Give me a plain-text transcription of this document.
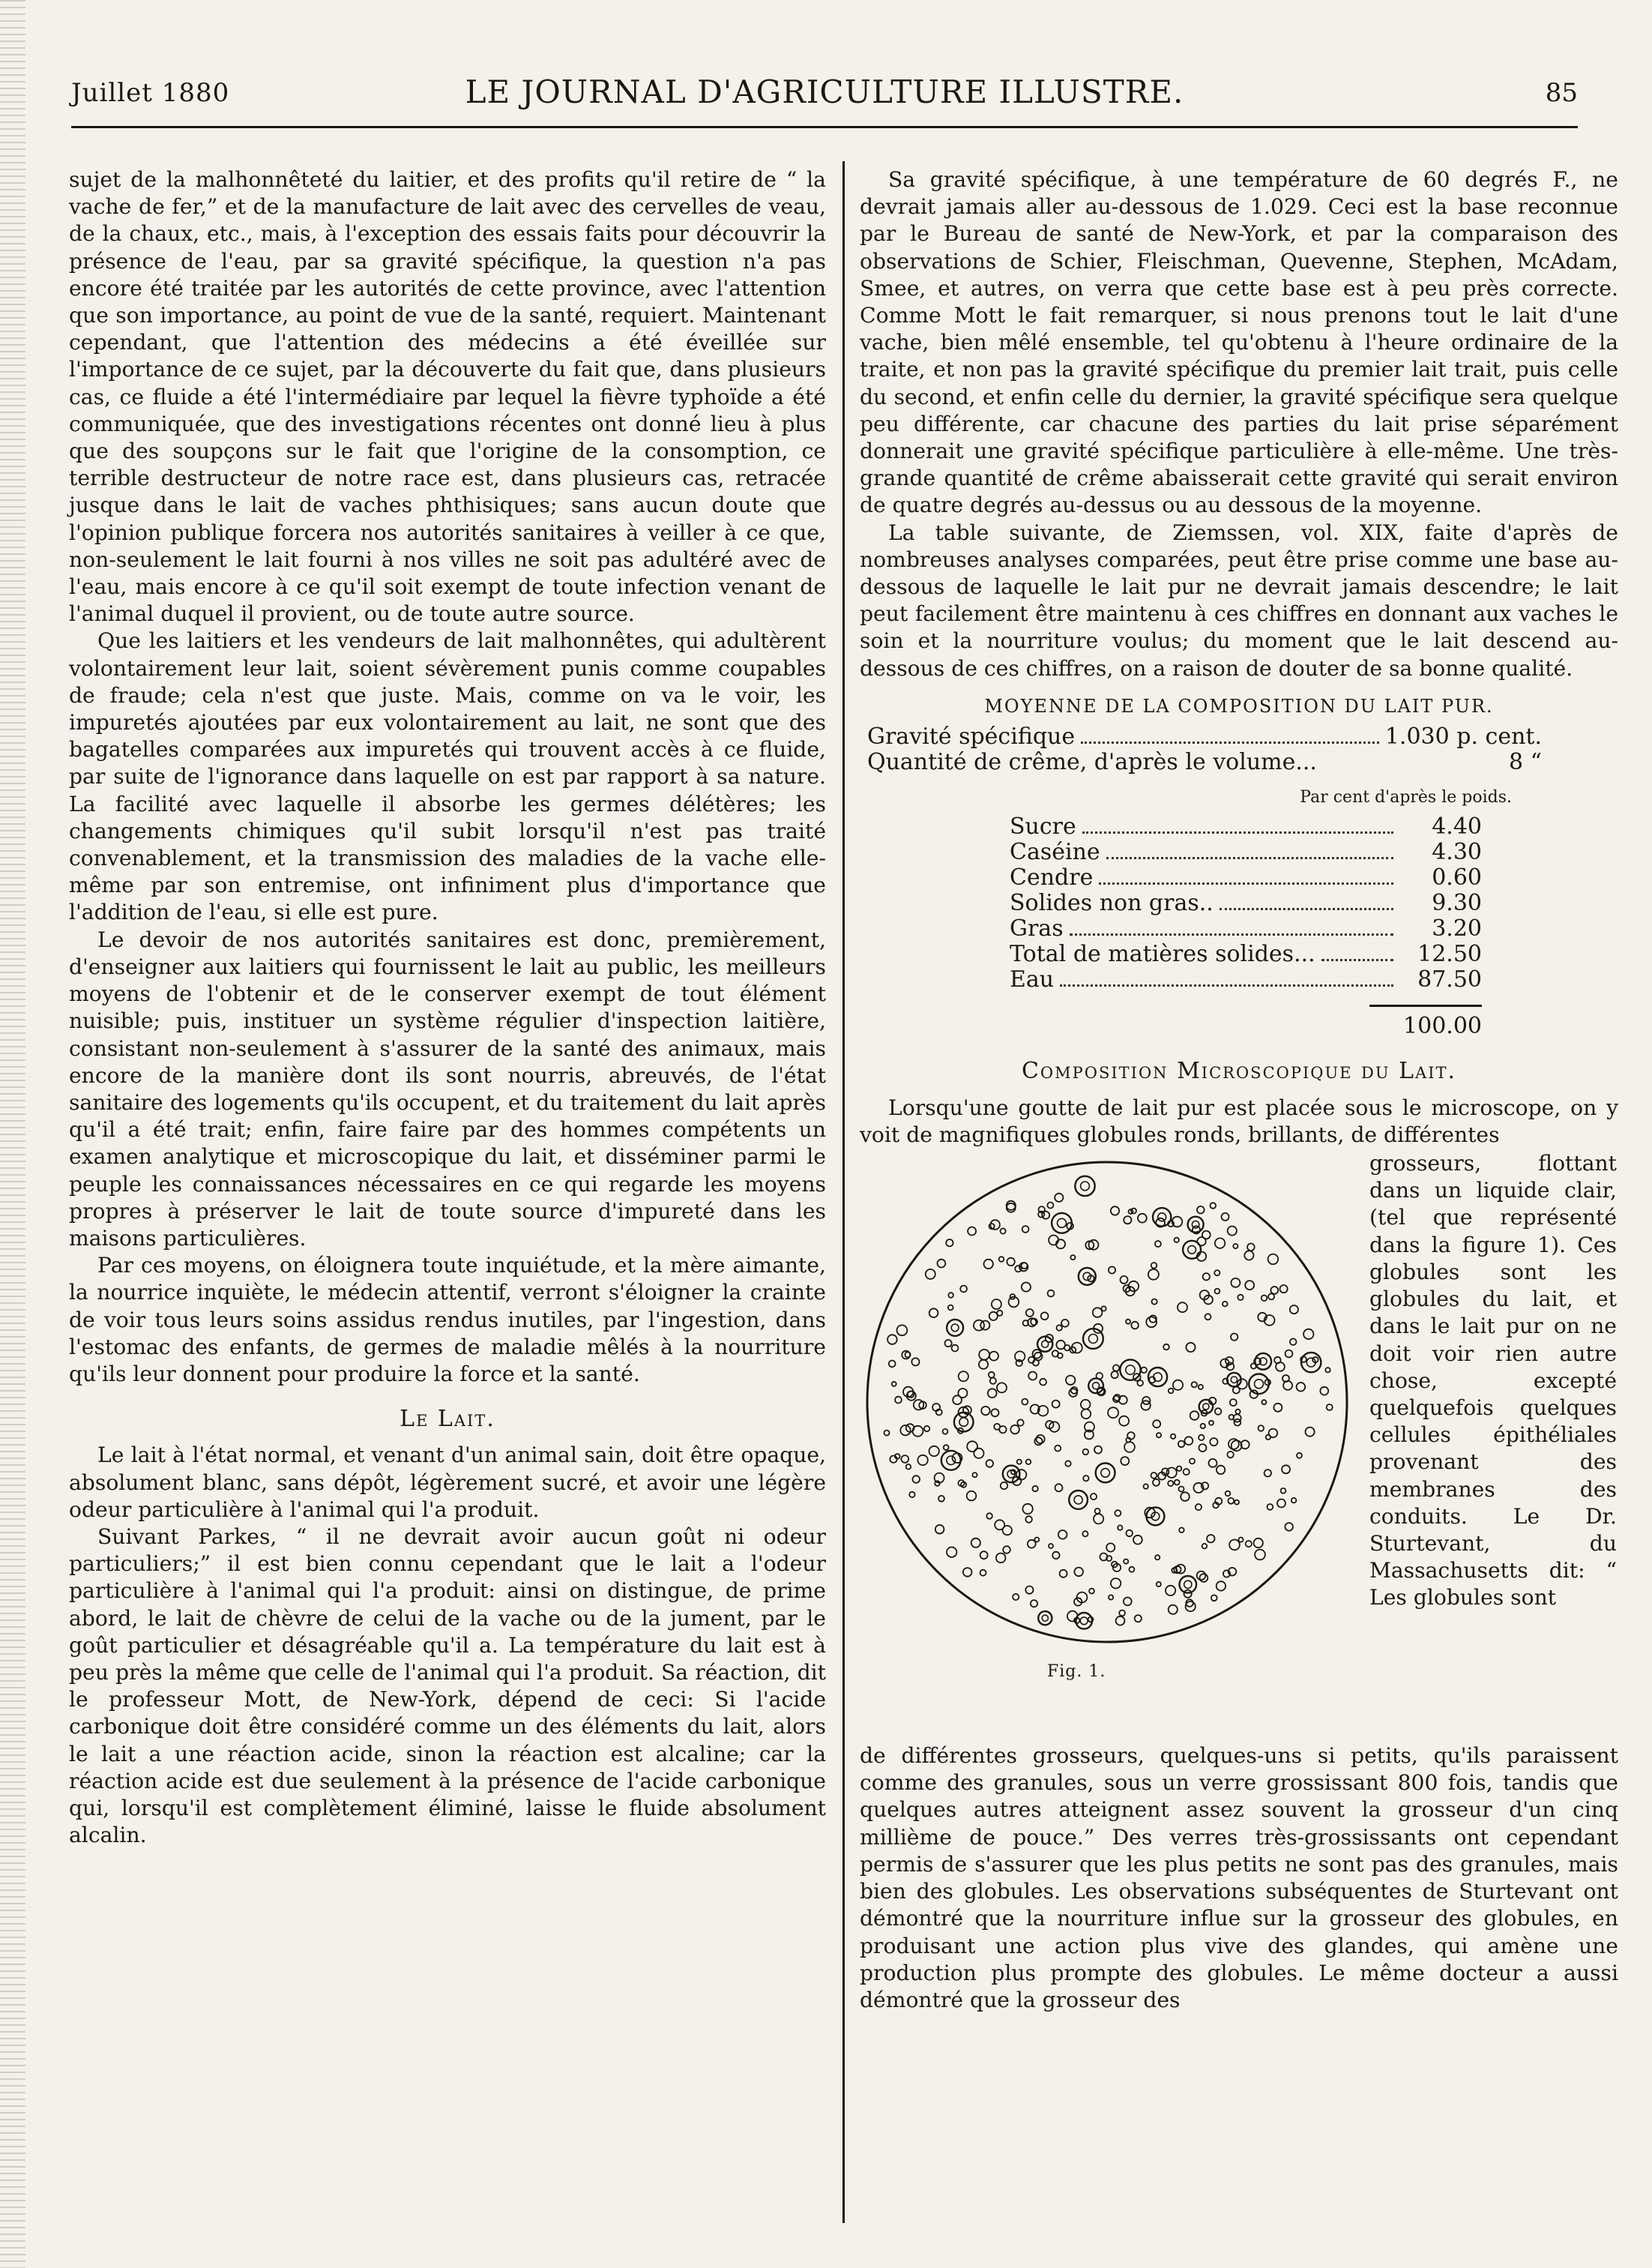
Juillet 1880	LE JOURNAL D'AGRICULTURE ILLUSTRE.	85

sujet de la malhonnêteté du laitier, et des profits qu'il retire de “ la vache de fer,” et de la manufacture de lait avec des cervelles de veau, de la chaux, etc., mais, à l'exception des essais faits pour découvrir la présence de l'eau, par sa gravité spécifique, la question n'a pas encore été traitée par les autorités de cette province, avec l'attention que son importance, au point de vue de la santé, requiert. Maintenant cependant, que l'attention des médecins a été éveillée sur l'importance de ce sujet, par la découverte du fait que, dans plusieurs cas, ce fluide a été l'intermédiaire par lequel la fièvre typhoïde a été communiquée, que des investigations récentes ont donné lieu à plus que des soupçons sur le fait que l'origine de la consomption, ce terrible destructeur de notre race est, dans plusieurs cas, retracée jusque dans le lait de vaches phthisiques; sans aucun doute que l'opinion publique forcera nos autorités sanitaires à veiller à ce que, non-seulement le lait fourni à nos villes ne soit pas adultéré avec de l'eau, mais encore à ce qu'il soit exempt de toute infection venant de l'animal duquel il provient, ou de toute autre source.

Que les laitiers et les vendeurs de lait malhonnêtes, qui adultèrent volontairement leur lait, soient sévèrement punis comme coupables de fraude; cela n'est que juste. Mais, comme on va le voir, les impuretés ajoutées par eux volontairement au lait, ne sont que des bagatelles comparées aux impuretés qui trouvent accès à ce fluide, par suite de l'ignorance dans laquelle on est par rapport à sa nature. La facilité avec laquelle il absorbe les germes délétères; les changements chimiques qu'il subit lorsqu'il n'est pas traité convenablement, et la transmission des maladies de la vache elle-même par son entremise, ont infiniment plus d'importance que l'addition de l'eau, si elle est pure.

Le devoir de nos autorités sanitaires est donc, premièrement, d'enseigner aux laitiers qui fournissent le lait au public, les meilleurs moyens de l'obtenir et de le conserver exempt de tout élément nuisible; puis, instituer un système régulier d'inspection laitière, consistant non-seulement à s'assurer de la santé des animaux, mais encore de la manière dont ils sont nourris, abreuvés, de l'état sanitaire des logements qu'ils occupent, et du traitement du lait après qu'il a été trait; enfin, faire faire par des hommes compétents un examen analytique et microscopique du lait, et disséminer parmi le peuple les connaissances nécessaires en ce qui regarde les moyens propres à préserver le lait de toute source d'impureté dans les maisons particulières.

Par ces moyens, on éloignera toute inquiétude, et la mère aimante, la nourrice inquiète, le médecin attentif, verront s'éloigner la crainte de voir tous leurs soins assidus rendus inutiles, par l'ingestion, dans l'estomac des enfants, de germes de maladie mêlés à la nourriture qu'ils leur donnent pour produire la force et la santé.

Le Lait.

Le lait à l'état normal, et venant d'un animal sain, doit être opaque, absolument blanc, sans dépôt, légèrement sucré, et avoir une légère odeur particulière à l'animal qui l'a produit.

Suivant Parkes, “ il ne devrait avoir aucun goût ni odeur particuliers;” il est bien connu cependant que le lait a l'odeur particulière à l'animal qui l'a produit: ainsi on distingue, de prime abord, le lait de chèvre de celui de la vache ou de la jument, par le goût particulier et désagréable qu'il a. La température du lait est à peu près la même que celle de l'animal qui l'a produit. Sa réaction, dit le professeur Mott, de New-York, dépend de ceci: Si l'acide carbonique doit être considéré comme un des éléments du lait, alors le lait a une réaction acide, sinon la réaction est alcaline; car la réaction acide est due seulement à la présence de l'acide carbonique qui, lorsqu'il est complètement éliminé, laisse le fluide absolument alcalin.

Sa gravité spécifique, à une température de 60 degrés F., ne devrait jamais aller au-dessous de 1.029. Ceci est la base reconnue par le Bureau de santé de New-York, et par la comparaison des observations de Schier, Fleischman, Quevenne, Stephen, McAdam, Smee, et autres, on verra que cette base est à peu près correcte. Comme Mott le fait remarquer, si nous prenons tout le lait d'une vache, bien mêlé ensemble, tel qu'obtenu à l'heure ordinaire de la traite, et non pas la gravité spécifique du premier lait trait, puis celle du second, et enfin celle du dernier, la gravité spécifique sera quelque peu différente, car chacune des parties du lait prise séparément donnerait une gravité spécifique particulière à elle-même. Une très-grande quantité de crême abaisserait cette gravité qui serait environ de quatre degrés au-dessus ou au dessous de la moyenne.

La table suivante, de Ziemssen, vol. XIX, faite d'après de nombreuses analyses comparées, peut être prise comme une base au-dessous de laquelle le lait pur ne devrait jamais descendre; le lait peut facilement être maintenu à ces chiffres en donnant aux vaches le soin et la nourriture voulus; du moment que le lait descend au-dessous de ces chiffres, on a raison de douter de sa bonne qualité.

MOYENNE DE LA COMPOSITION DU LAIT PUR.
Gravité spécifique	1.030 p. cent.
Quantité de crême, d'après le volume...	8 “
Par cent d'après le poids.
Sucre	4.40
Caséine	4.30
Cendre	0.60
Solides non gras..	9.30
Gras	3.20
Total de matières solides...	12.50
Eau	87.50
100.00
Composition Microscopique du Lait.

Lorsqu'une goutte de lait pur est placée sous le microscope, on y voit de magnifiques globules ronds, brillants, de différentes

Fig. 1.
grosseurs, flottant dans un liquide clair, (tel que représenté dans la figure 1). Ces globules sont les globules du lait, et dans le lait pur on ne doit voir rien autre chose, excepté quelquefois quelques cellules épithéliales provenant des membranes des conduits. Le Dr. Sturtevant, du Massachusetts dit: “ Les globules sont

de différentes grosseurs, quelques-uns si petits, qu'ils paraissent comme des granules, sous un verre grossissant 800 fois, tandis que quelques autres atteignent assez souvent la grosseur d'un cinq millième de pouce.” Des verres très-grossissants ont cependant permis de s'assurer que les plus petits ne sont pas des granules, mais bien des globules. Les observations subséquentes de Sturtevant ont démontré que la nourriture influe sur la grosseur des globules, en produisant une action plus vive des glandes, qui amène une production plus prompte des globules. Le même docteur a aussi démontré que la grosseur des
